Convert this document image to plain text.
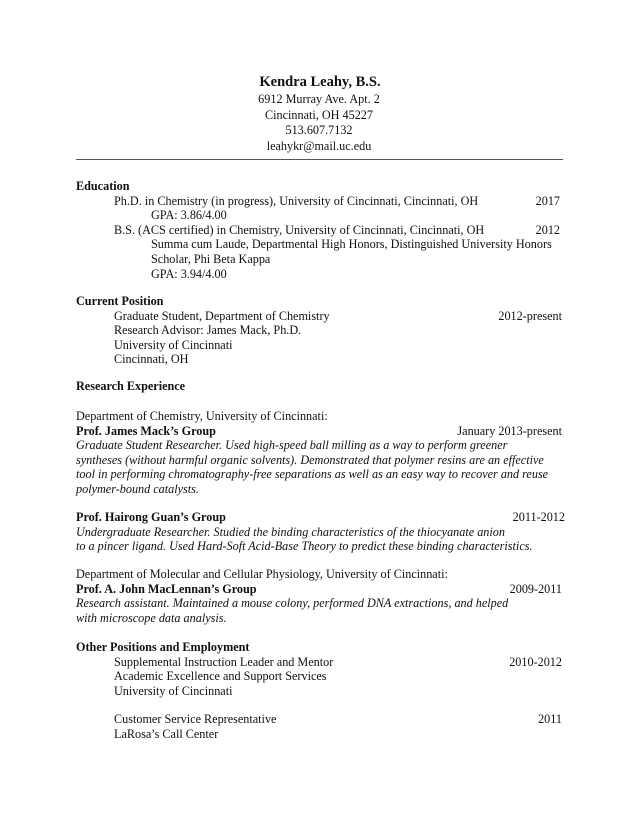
Kendra Leahy, B.S.
6912 Murray Ave. Apt. 2
Cincinnati, OH 45227
513.607.7132
leahykr@mail.uc.edu
Education
Ph.D. in Chemistry (in progress), University of Cincinnati, Cincinnati, OH	2017
GPA: 3.86/4.00
B.S. (ACS certified) in Chemistry, University of Cincinnati, Cincinnati, OH	2012
Summa cum Laude, Departmental High Honors, Distinguished University Honors
Scholar, Phi Beta Kappa
GPA: 3.94/4.00
Current Position
Graduate Student, Department of Chemistry	2012-present
Research Advisor: James Mack, Ph.D.
University of Cincinnati
Cincinnati, OH
Research Experience
Department of Chemistry, University of Cincinnati:
Prof. James Mack’s Group	January 2013-present
Graduate Student Researcher. Used high-speed ball milling as a way to perform greener
syntheses (without harmful organic solvents). Demonstrated that polymer resins are an effective
tool in performing chromatography-free separations as well as an easy way to recover and reuse
polymer-bound catalysts.
Prof. Hairong Guan’s Group	2011-2012
Undergraduate Researcher. Studied the binding characteristics of the thiocyanate anion
to a pincer ligand. Used Hard-Soft Acid-Base Theory to predict these binding characteristics.
Department of Molecular and Cellular Physiology, University of Cincinnati:
Prof. A. John MacLennan’s Group	2009-2011
Research assistant. Maintained a mouse colony, performed DNA extractions, and helped
with microscope data analysis.
Other Positions and Employment
Supplemental Instruction Leader and Mentor	2010-2012
Academic Excellence and Support Services
University of Cincinnati
Customer Service Representative	2011
LaRosa’s Call Center
